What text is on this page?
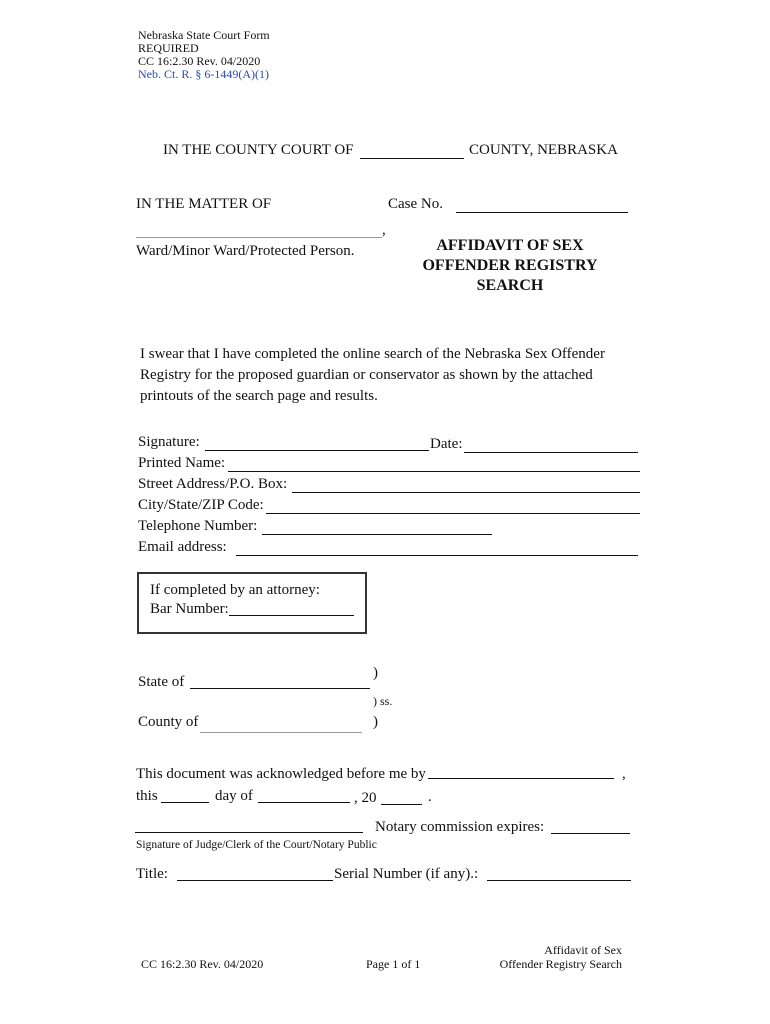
Nebraska State Court Form
REQUIRED
CC 16:2.30 Rev. 04/2020
Neb. Ct. R. § 6-1449(A)(1)
IN THE COUNTY COURT OF	COUNTY, NEBRASKA
IN THE MATTER OF	Case No.
,
Ward/Minor Ward/Protected Person.	AFFIDAVIT OF SEX
OFFENDER REGISTRY
SEARCH
I swear that I have completed the online search of the Nebraska Sex Offender Registry for the proposed guardian or conservator as shown by the attached printouts of the search page and results.
Signature:	Date:
Printed Name:
Street Address/P.O. Box:
City/State/ZIP Code:
Telephone Number:
Email address:
If completed by an attorney:
Bar Number:
)
State of
) ss.
County of	)
This document was acknowledged before me by	,
this	day of	, 20	.
Notary commission expires:
Signature of Judge/Clerk of the Court/Notary Public
Title:	Serial Number (if any).:
CC 16:2.30 Rev. 04/2020	Page 1 of 1
Affidavit of Sex
Offender Registry Search
